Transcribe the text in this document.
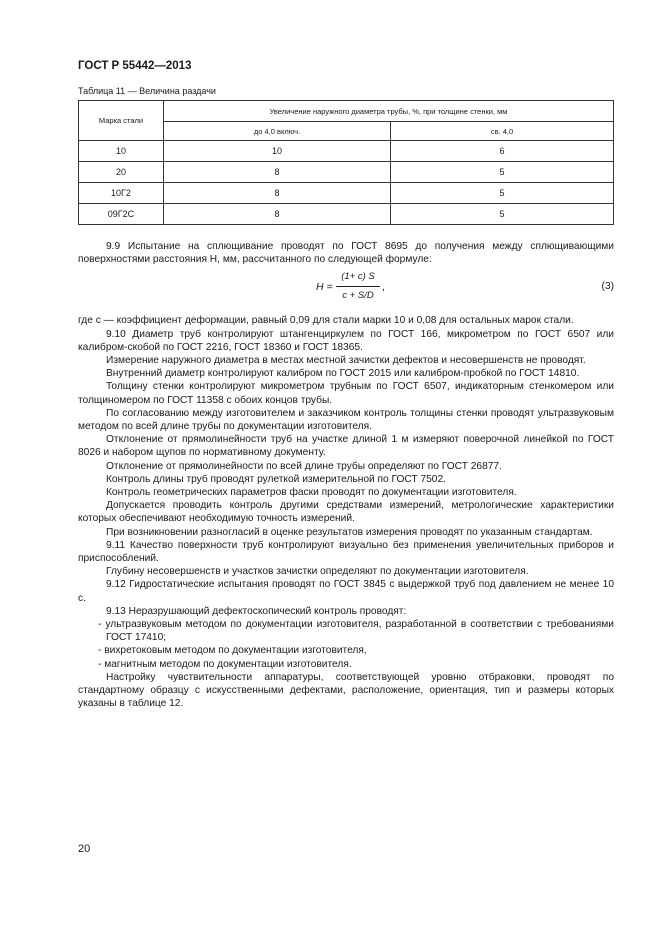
ГОСТ Р 55442—2013
Таблица 11 — Величина раздачи
Марка стали	Увеличение наружного диаметра трубы, %, при толщине стенки, мм	
	до 4,0 включ.	св. 4,0
10	10	6
20	8	5
10Г2	8	5
09Г2С	8	5
9.9 Испытание на сплющивание проводят по ГОСТ 8695 до получения между сплющивающими поверхностями расстояния H, мм, рассчитанного по следующей формуле:
$H = \frac{(1+ c) S}{c + S/D}$ ,	(3)
где c — коэффициент деформации, равный 0,09 для стали марки 10 и 0,08 для остальных марок стали.
9.10 Диаметр труб контролируют штангенциркулем по ГОСТ 166, микрометром по ГОСТ 6507 или калибром-скобой по ГОСТ 2216, ГОСТ 18360 и ГОСТ 18365.
Измерение наружного диаметра в местах местной зачистки дефектов и несовершенств не проводят.
Внутренний диаметр контролируют калибром по ГОСТ 2015 или калибром-пробкой по ГОСТ 14810.
Толщину стенки контролируют микрометром трубным по ГОСТ 6507, индикаторным стенкомером или толщиномером по ГОСТ 11358 с обоих концов трубы.
По согласованию между изготовителем и заказчиком контроль толщины стенки проводят ультразвуковым методом по всей длине трубы по документации изготовителя.
Отклонение от прямолинейности труб на участке длиной 1 м измеряют поверочной линейкой по ГОСТ 8026 и набором щупов по нормативному документу.
Отклонение от прямолинейности по всей длине трубы определяют по ГОСТ 26877.
Контроль длины труб проводят рулеткой измерительной по ГОСТ 7502.
Контроль геометрических параметров фаски проводят по документации изготовителя.
Допускается проводить контроль другими средствами измерений, метрологические характеристики которых обеспечивают необходимую точность измерений.
При возникновении разногласий в оценке результатов измерения проводят по указанным стандартам.
9.11 Качество поверхности труб контролируют визуально без применения увеличительных приборов и приспособлений.
Глубину несовершенств и участков зачистки определяют по документации изготовителя.
9.12 Гидростатические испытания проводят по ГОСТ 3845 с выдержкой труб под давлением не менее 10 с.
9.13 Неразрушающий дефектоскопический контроль проводят:
- ультразвуковым методом по документации изготовителя, разработанной в соответствии с требованиями ГОСТ 17410;
- вихретоковым методом по документации изготовителя,
- магнитным методом по документации изготовителя.
Настройку чувствительности аппаратуры, соответствующей уровню отбраковки, проводят по стандартному образцу с искусственными дефектами, расположение, ориентация, тип и размеры которых указаны в таблице 12.
20
